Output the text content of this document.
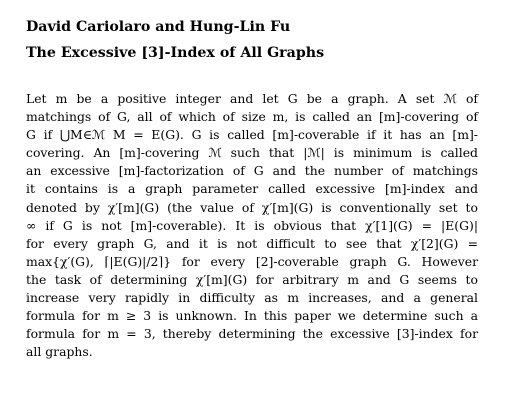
David Cariolaro and Hung-Lin Fu
The Excessive [3]-Index of All Graphs
Let m be a positive integer and let G be a graph. A set ℳ of
matchings of G, all of which of size m, is called an [m]-covering of
G if ⋃M∈ℳ M = E(G). G is called [m]-coverable if it has an [m]-
covering. An [m]-covering ℳ such that |ℳ| is minimum is called
an excessive [m]-factorization of G and the number of matchings
it contains is a graph parameter called excessive [m]-index and
denoted by χ′[m](G) (the value of χ′[m](G) is conventionally set to
∞ if G is not [m]-coverable). It is obvious that χ′[1](G) = |E(G)|
for every graph G, and it is not difficult to see that χ′[2](G) =
max{χ′(G), ⌈|E(G)|/2⌉} for every [2]-coverable graph G. However
the task of determining χ′[m](G) for arbitrary m and G seems to
increase very rapidly in difficulty as m increases, and a general
formula for m ≥ 3 is unknown. In this paper we determine such a
formula for m = 3, thereby determining the excessive [3]-index for
all graphs.
